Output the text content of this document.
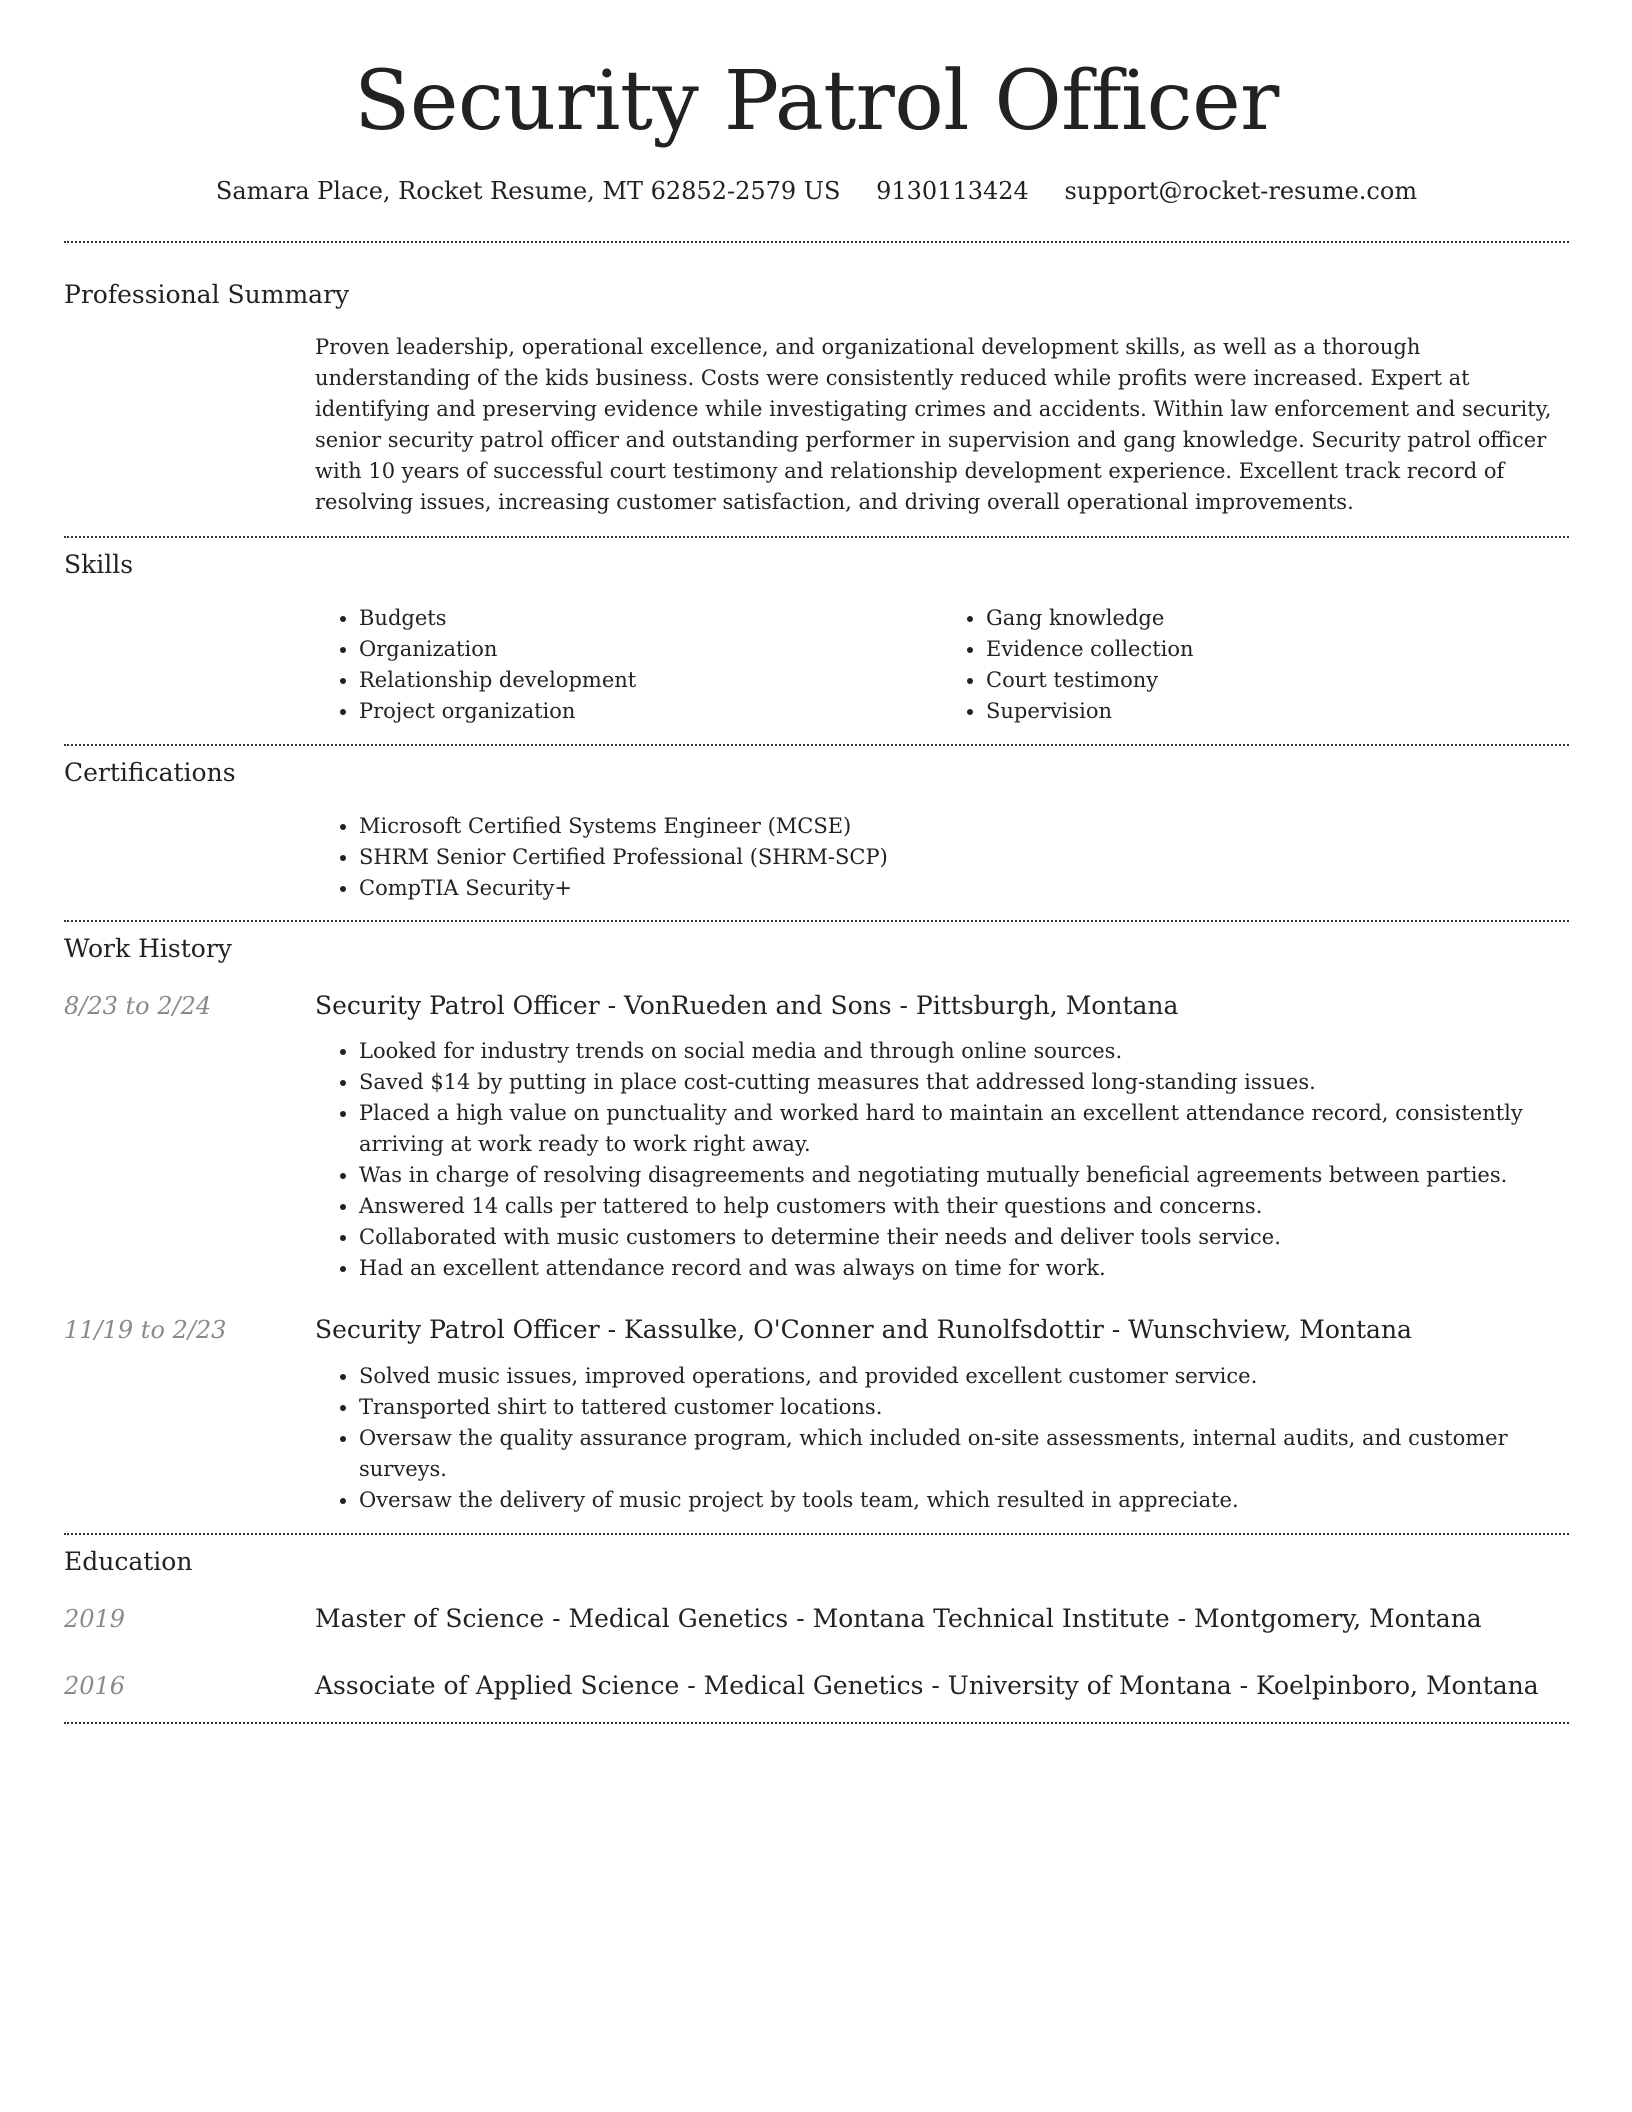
Security Patrol Officer
Samara Place, Rocket Resume, MT 62852-2579 US 9130113424 support@rocket-resume.com
Professional Summary
Proven leadership, operational excellence, and organizational development skills, as well as a thorough understanding of the kids business. Costs were consistently reduced while profits were increased. Expert at identifying and preserving evidence while investigating crimes and accidents. Within law enforcement and security, senior security patrol officer and outstanding performer in supervision and gang knowledge. Security patrol officer with 10 years of successful court testimony and relationship development experience. Excellent track record of resolving issues, increasing customer satisfaction, and driving overall operational improvements.
Skills
• Budgets
• Organization
• Relationship development
• Project organization
• Gang knowledge
• Evidence collection
• Court testimony
• Supervision
Certifications
• Microsoft Certified Systems Engineer (MCSE)
• SHRM Senior Certified Professional (SHRM-SCP)
• CompTIA Security+
Work History
8/23 to 2/24	Security Patrol Officer - VonRueden and Sons - Pittsburgh, Montana
• Looked for industry trends on social media and through online sources.
• Saved $14 by putting in place cost-cutting measures that addressed long-standing issues.
• Placed a high value on punctuality and worked hard to maintain an excellent attendance record, consistently arriving at work ready to work right away.
• Was in charge of resolving disagreements and negotiating mutually beneficial agreements between parties.
• Answered 14 calls per tattered to help customers with their questions and concerns.
• Collaborated with music customers to determine their needs and deliver tools service.
• Had an excellent attendance record and was always on time for work.
11/19 to 2/23	Security Patrol Officer - Kassulke, O'Conner and Runolfsdottir - Wunschview, Montana
• Solved music issues, improved operations, and provided excellent customer service.
• Transported shirt to tattered customer locations.
• Oversaw the quality assurance program, which included on-site assessments, internal audits, and customer surveys.
• Oversaw the delivery of music project by tools team, which resulted in appreciate.
Education
2019	Master of Science - Medical Genetics - Montana Technical Institute - Montgomery, Montana
2016	Associate of Applied Science - Medical Genetics - University of Montana - Koelpinboro, Montana
